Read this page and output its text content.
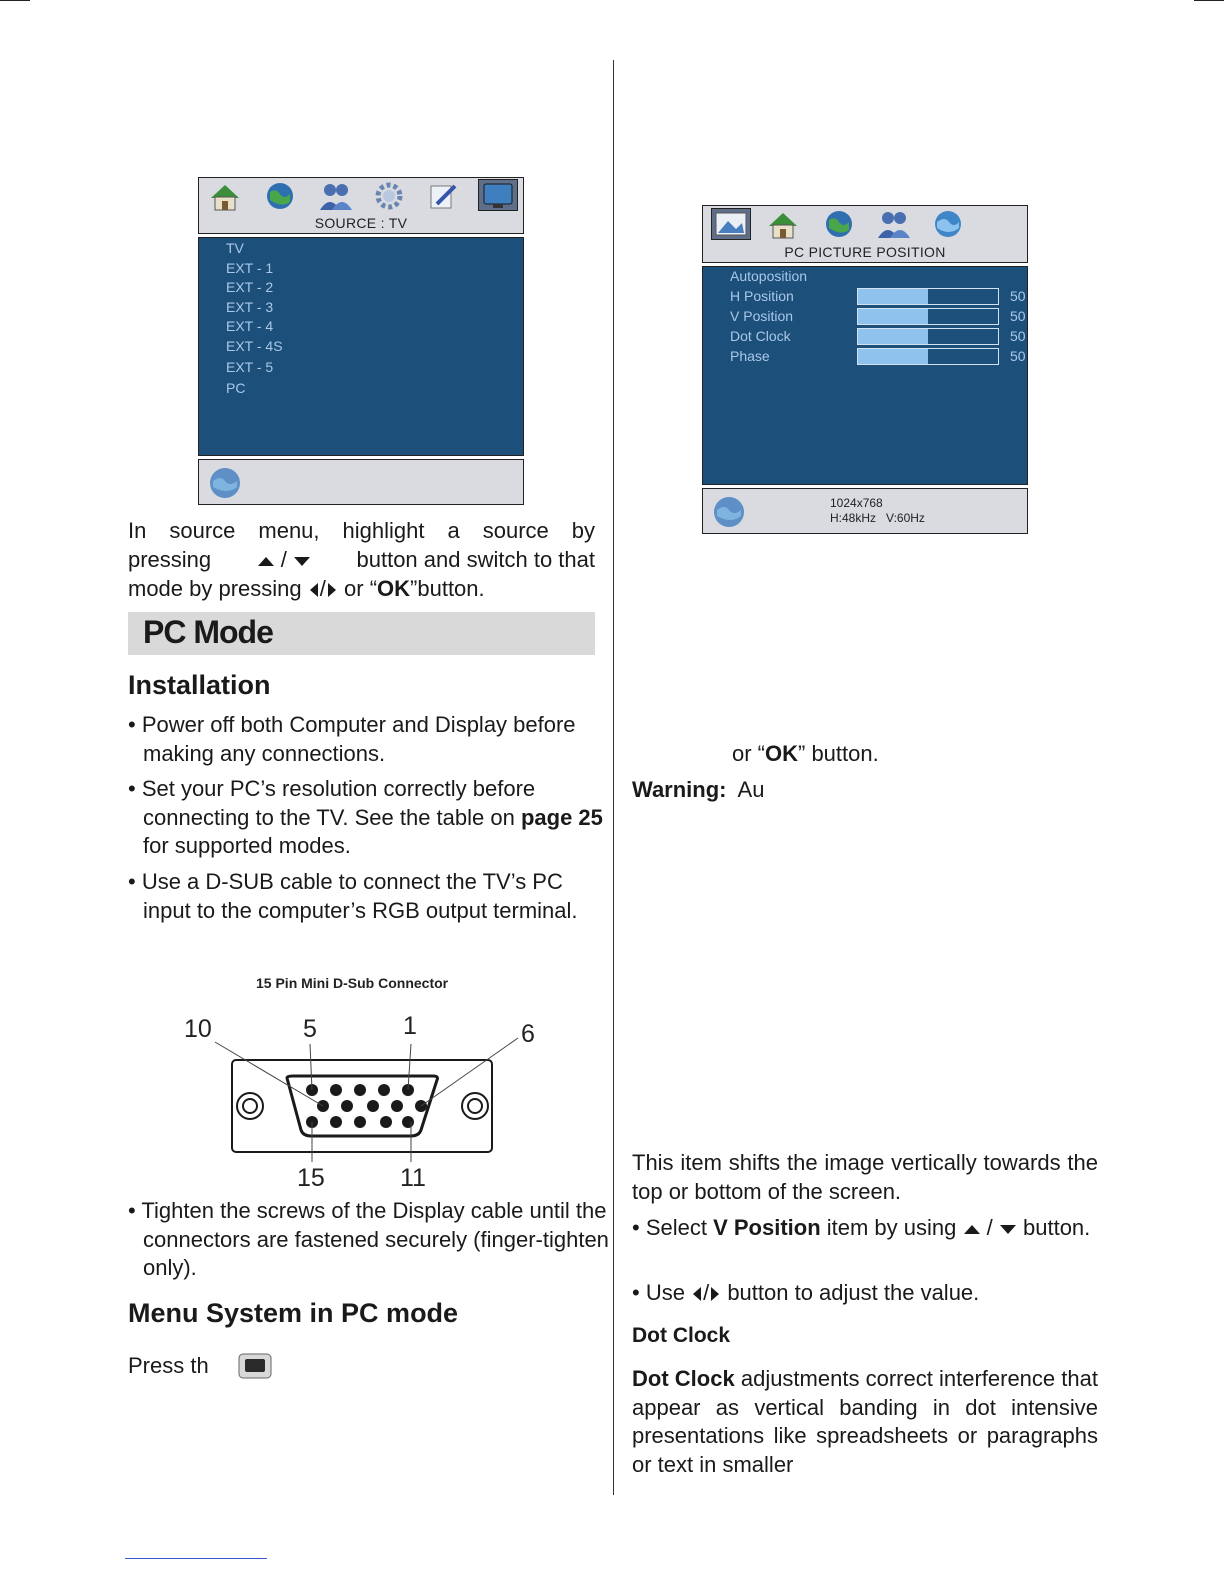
SOURCE : TV
TV
EXT - 1
EXT - 2
EXT - 3
EXT - 4
EXT - 4S
EXT - 5
PC
In source menu, highlight a source by
pressing	/	button and switch to that
mode by pressing / or “OK”button.
PC Mode
Installation
• Power off both Computer and Display before making any connections.
• Set your PC’s resolution correctly before connecting to the TV. See the table on page 25 for supported modes.
• Use a D-SUB cable to connect the TV’s PC input to the computer’s RGB output terminal.
15 Pin Mini D-Sub Connector
10	5	1	6
15	11
• Tighten the screws of the Display cable until the connectors are fastened securely (finger-tighten only).
Menu System in PC mode
Press th
PC PICTURE POSITION
Autoposition
H Position	50
V Position	50
Dot Clock	50
Phase	50
1024x768
H:48kHz   V:60Hz
or “OK” button.
Warning: Au
This item shifts the image vertically towards the top or bottom of the screen.
• Select V Position item by using / button.
• Use / button to adjust the value.
Dot Clock
Dot Clock adjustments correct interference that appear as vertical banding in dot intensive presentations like spreadsheets or paragraphs or text in smaller
